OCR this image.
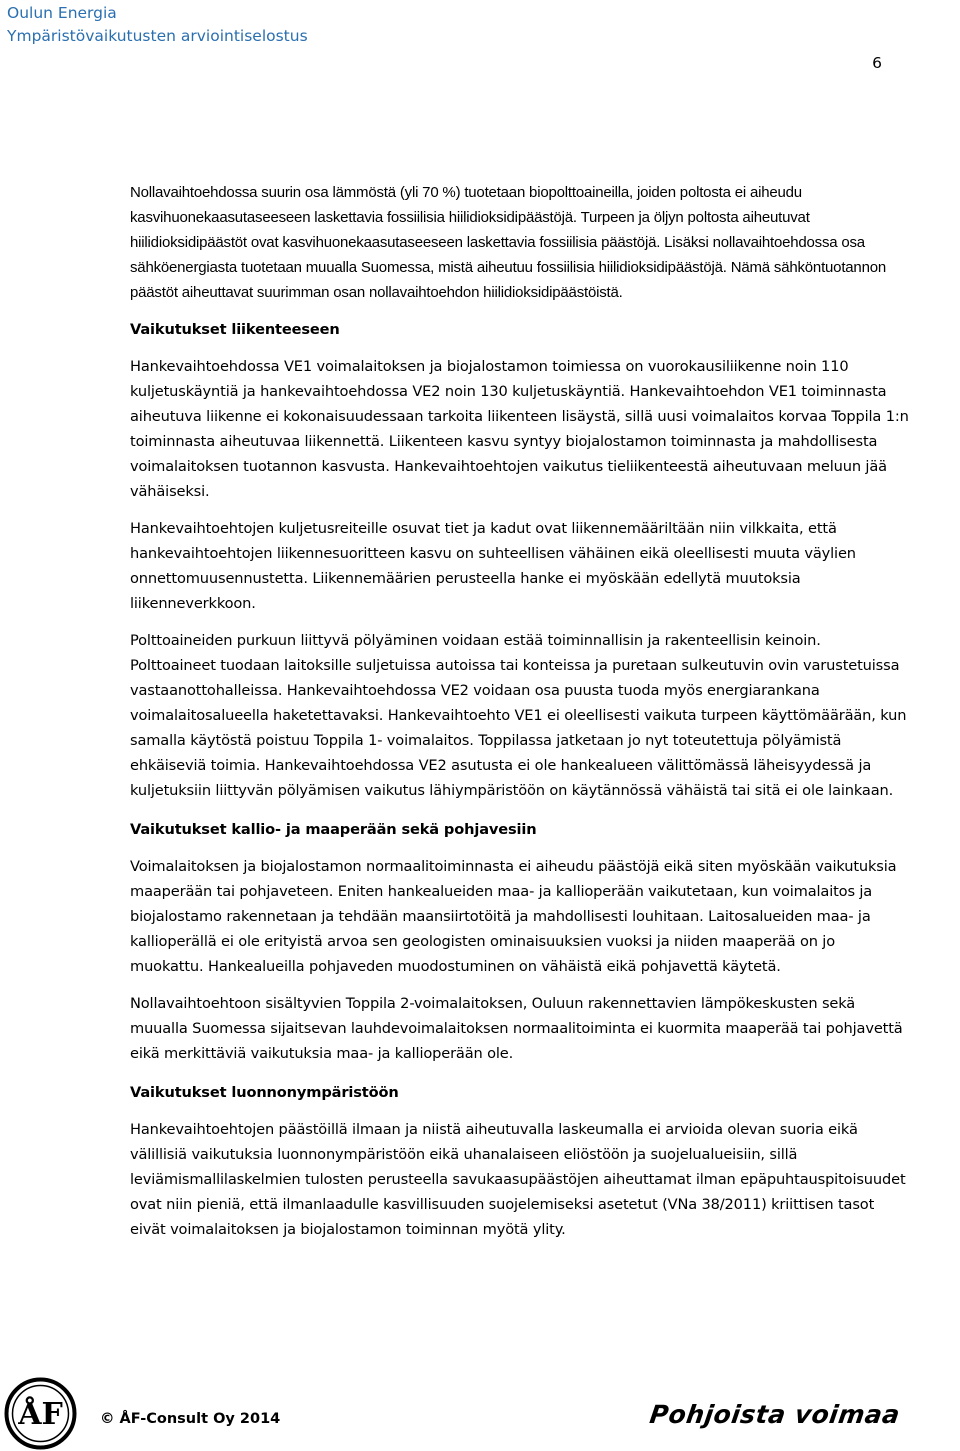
Oulun Energia
Ympäristövaikutusten arviointiselostus
6

Nollavaihtoehdossa suurin osa lämmöstä (yli 70 %) tuotetaan biopolttoaineilla, joiden poltosta ei aiheudu kasvihuonekaasutaseeseen laskettavia fossiilisia hiilidioksidipäästöjä. Turpeen ja öljyn poltosta aiheutuvat hiilidioksidipäästöt ovat kasvihuonekaasutaseeseen laskettavia fossiilisia päästöjä. Lisäksi nollavaihtoehdossa osa sähköenergiasta tuotetaan muualla Suomessa, mistä aiheutuu fossiilisia hiilidioksidipäästöjä. Nämä sähköntuotannon päästöt aiheuttavat suurimman osan nollavaihtoehdon hiilidioksidipäästöistä.

Vaikutukset liikenteeseen

Hankevaihtoehdossa VE1 voimalaitoksen ja biojalostamon toimiessa on vuorokausiliikenne noin 110 kuljetuskäyntiä ja hankevaihtoehdossa VE2 noin 130 kuljetuskäyntiä. Hankevaihtoehdon VE1 toiminnasta aiheutuva liikenne ei kokonaisuudessaan tarkoita liikenteen lisäystä, sillä uusi voimalaitos korvaa Toppila 1:n toiminnasta aiheutuvaa liikennettä. Liikenteen kasvu syntyy biojalostamon toiminnasta ja mahdollisesta voimalaitoksen tuotannon kasvusta. Hankevaihtoehtojen vaikutus tieliikenteestä aiheutuvaan meluun jää vähäiseksi.

Hankevaihtoehtojen kuljetusreiteille osuvat tiet ja kadut ovat liikennemääriltään niin vilkkaita, että hankevaihtoehtojen liikennesuoritteen kasvu on suhteellisen vähäinen eikä oleellisesti muuta väylien onnettomuusennustetta. Liikennemäärien perusteella hanke ei myöskään edellytä muutoksia liikenneverkkoon.

Polttoaineiden purkuun liittyvä pölyäminen voidaan estää toiminnallisin ja rakenteellisin keinoin. Polttoaineet tuodaan laitoksille suljetuissa autoissa tai konteissa ja puretaan sulkeutuvin ovin varustetuissa vastaanottohalleissa. Hankevaihtoehdossa VE2 voidaan osa puusta tuoda myös energiarankana voimalaitosalueella haketettavaksi. Hankevaihtoehto VE1 ei oleellisesti vaikuta turpeen käyttömäärään, kun samalla käytöstä poistuu Toppila 1- voimalaitos. Toppilassa jatketaan jo nyt toteutettuja pölyämistä ehkäiseviä toimia. Hankevaihtoehdossa VE2 asutusta ei ole hankealueen välittömässä läheisyydessä ja kuljetuksiin liittyvän pölyämisen vaikutus lähiympäristöön on käytännössä vähäistä tai sitä ei ole lainkaan.

Vaikutukset kallio- ja maaperään sekä pohjavesiin

Voimalaitoksen ja biojalostamon normaalitoiminnasta ei aiheudu päästöjä eikä siten myöskään vaikutuksia maaperään tai pohjaveteen. Eniten hankealueiden maa- ja kallioperään vaikutetaan, kun voimalaitos ja biojalostamo rakennetaan ja tehdään maansiirtotöitä ja mahdollisesti louhitaan. Laitosalueiden maa- ja kallioperällä ei ole erityistä arvoa sen geologisten ominaisuuksien vuoksi ja niiden maaperää on jo muokattu. Hankealueilla pohjaveden muodostuminen on vähäistä eikä pohjavettä käytetä.

Nollavaihtoehtoon sisältyvien Toppila 2-voimalaitoksen, Ouluun rakennettavien lämpökeskusten sekä muualla Suomessa sijaitsevan lauhdevoimalaitoksen normaalitoiminta ei kuormita maaperää tai pohjavettä eikä merkittäviä vaikutuksia maa- ja kallioperään ole.

Vaikutukset luonnonympäristöön

Hankevaihtoehtojen päästöillä ilmaan ja niistä aiheutuvalla laskeumalla ei arvioida olevan suoria eikä välillisiä vaikutuksia luonnonympäristöön eikä uhanalaiseen eliöstöön ja suojelualueisiin, sillä leviämismallilaskelmien tulosten perusteella savukaasupäästöjen aiheuttamat ilman epäpuhtauspitoisuudet ovat niin pieniä, että ilmanlaadulle kasvillisuuden suojelemiseksi asetetut (VNa 38/2011) kriittisen tasot eivät voimalaitoksen ja biojalostamon toiminnan myötä ylity.

ÅF	© ÅF-Consult Oy 2014	Pohjoista voimaa
